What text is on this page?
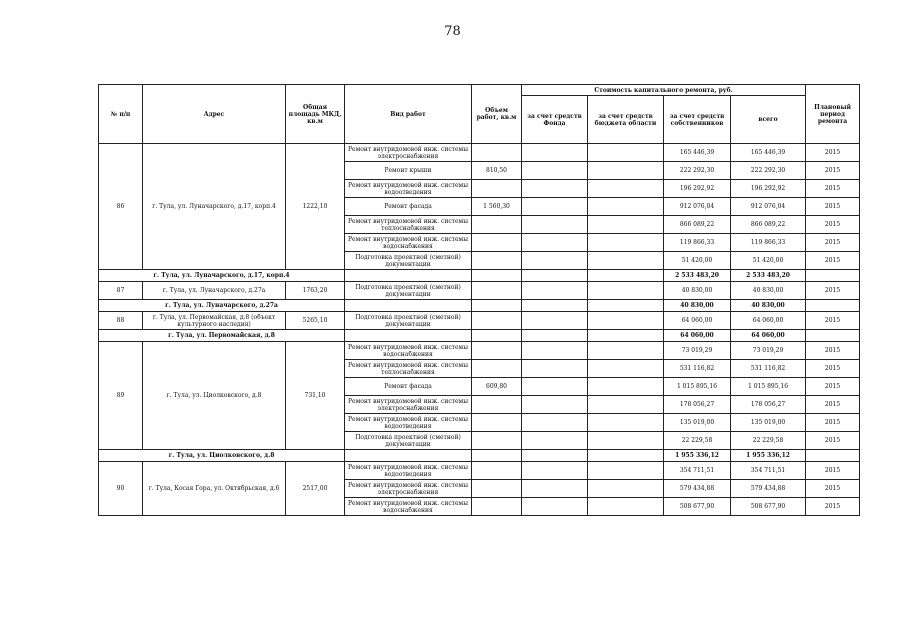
78
№ п/п	Адрес	Общая площадь МКД, кв.м	Вид работ	Объем работ, кв.м	Стоимость капитального ремонта, руб.				Плановый период ремонта
					за счет средств Фонда	за счет средств бюджета области	за счет средств собственников	всего	
86	г. Тула, ул. Луначарского, д.17, корп.4	1222,10	Ремонт внутридомовой инж. системы электроснабжения				165 446,39	165 446,39	2015
			Ремонт крыши	810,50			222 292,30	222 292,30	2015
			Ремонт внутридомовой инж. системы водоотведения				196 292,92	196 292,92	2015
			Ремонт фасада	1 560,30			912 076,04	912 076,04	2015
			Ремонт внутридомовой инж. системы теплоснабжения				866 089,22	866 089,22	2015
			Ремонт внутридомовой инж. системы водоснабжения				119 866,33	119 866,33	2015
			Подготовка проектной (сметной) документации				51 420,00	51 420,00	2015
г. Тула, ул. Луначарского, д.17, корп.4							2 533 483,20	2 533 483,20	
87	г. Тула, ул. Луначарского, д.27а	1763,20	Подготовка проектной (сметной) документации				40 830,00	40 830,00	2015
г. Тула, ул. Луначарского, д.27а							40 830,00	40 830,00	
88	г. Тула, ул. Первомайская, д.8 (объект культурного наследия)	5265,10	Подготовка проектной (сметной) документации				64 060,00	64 060,00	2015
г. Тула, ул. Первомайская, д.8							64 060,00	64 060,00	
89	г. Тула, ул. Циолковского, д.8	731,10	Ремонт внутридомовой инж. системы водоснабжения				73 019,29	73 019,29	2015
			Ремонт внутридомовой инж. системы теплоснабжения				531 116,82	531 116,82	2015
			Ремонт фасада	609,80			1 015 895,16	1 015 895,16	2015
			Ремонт внутридомовой инж. системы электроснабжения				178 056,27	178 056,27	2015
			Ремонт внутридомовой инж. системы водоотведения				135 019,00	135 019,00	2015
			Подготовка проектной (сметной) документации				22 229,58	22 229,58	2015
г. Тула, ул. Циолковского, д.8							1 955 336,12	1 955 336,12	
90	г. Тула, Косая Гора, ул. Октябрьская, д.6	2517,00	Ремонт внутридомовой инж. системы водоотведения				354 711,51	354 711,51	2015
			Ремонт внутридомовой инж. системы электроснабжения				579 434,88	579 434,88	2015
			Ремонт внутридомовой инж. системы водоснабжения				508 677,90	508 677,90	2015
